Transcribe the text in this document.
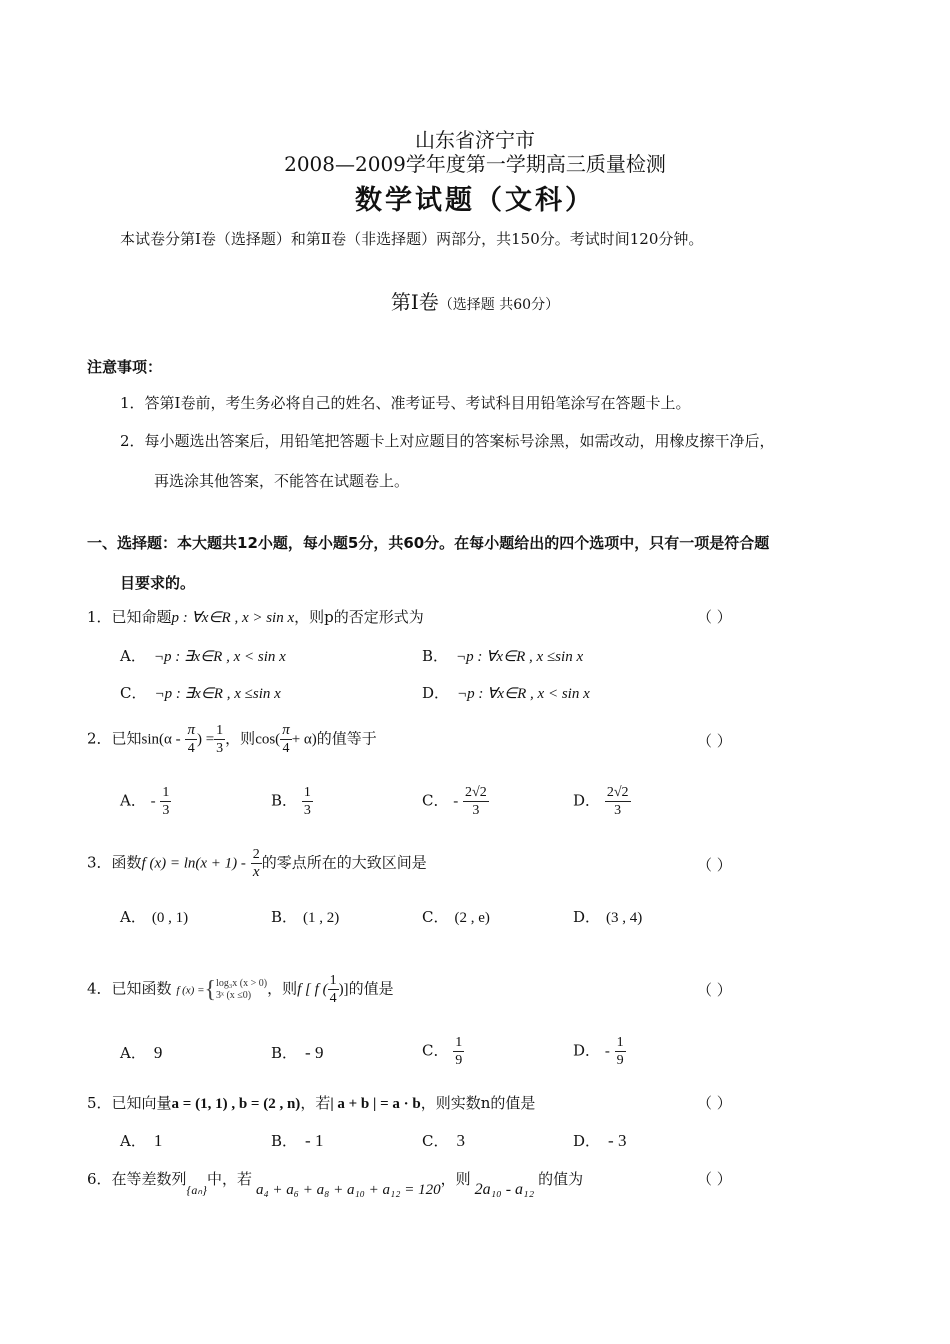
山东省济宁市
2008—2009学年度第一学期高三质量检测
数学试题（文科）
本试卷分第Ⅰ卷（选择题）和第Ⅱ卷（非选择题）两部分，共150分。考试时间120分钟。
第Ⅰ卷（选择题 共60分）
注意事项：
1．答第Ⅰ卷前，考生务必将自己的姓名、准考证号、考试科目用铅笔涂写在答题卡上。
2．每小题选出答案后，用铅笔把答题卡上对应题目的答案标号涂黑，如需改动，用橡皮擦干净后，
再选涂其他答案，不能答在试题卷上。
一、选择题：本大题共12小题，每小题5分，共60分。在每小题给出的四个选项中，只有一项是符合题
目要求的。
1．已知命题p : ∀x∈R , x > sin x，则p的否定形式为	（ ）
A． ¬p : ∃x∈R , x < sin x	B． ¬p : ∀x∈R , x ≤sin x
C． ¬p : ∃x∈R , x ≤sin x	D． ¬p : ∀x∈R , x < sin x
2．已知$\sin(\alpha - \frac{\pi}{4}$ ) = $\frac{1}{3}$ ，则$\cos( \frac{\pi}{4} + \alpha)$的值等于	（ ）
A． - $\frac{1}{3}$	B． $\frac{1}{3}$	C． - $\frac{2√2}{3}$	D． $\frac{2√2}{3}$
3．函数f $(x) = \ln(x + 1) - \frac{2}{x}$ 的零点所在的大致区间是	（ ）
A． (0 , 1)	B． (1 , 2)	C． (2 , e)	D． (3 , 4)
4．已知函数 f (x) ={ log₃x (x > 0)
3ˣ (x ≤0)	，则f [ f ( $\frac{1}{4}$ )]的值是	（ ）
A． 9	B． - 9	C． $\frac{1}{9}$	D． - $\frac{1}{9}$
5．已知向量a = (1, 1) , b = (2 , n)，若| a + b | = a · b，则实数n的值是	（ ）
A． 1	B． - 1	C． 3	D． - 3
6．在等差数列$_{\{a_n\}}$中，若a₄ + a₆ + a₈ + a₁₀ + a₁₂ = 120，则2a₁₀ - a₁₂的值为	（ ）
